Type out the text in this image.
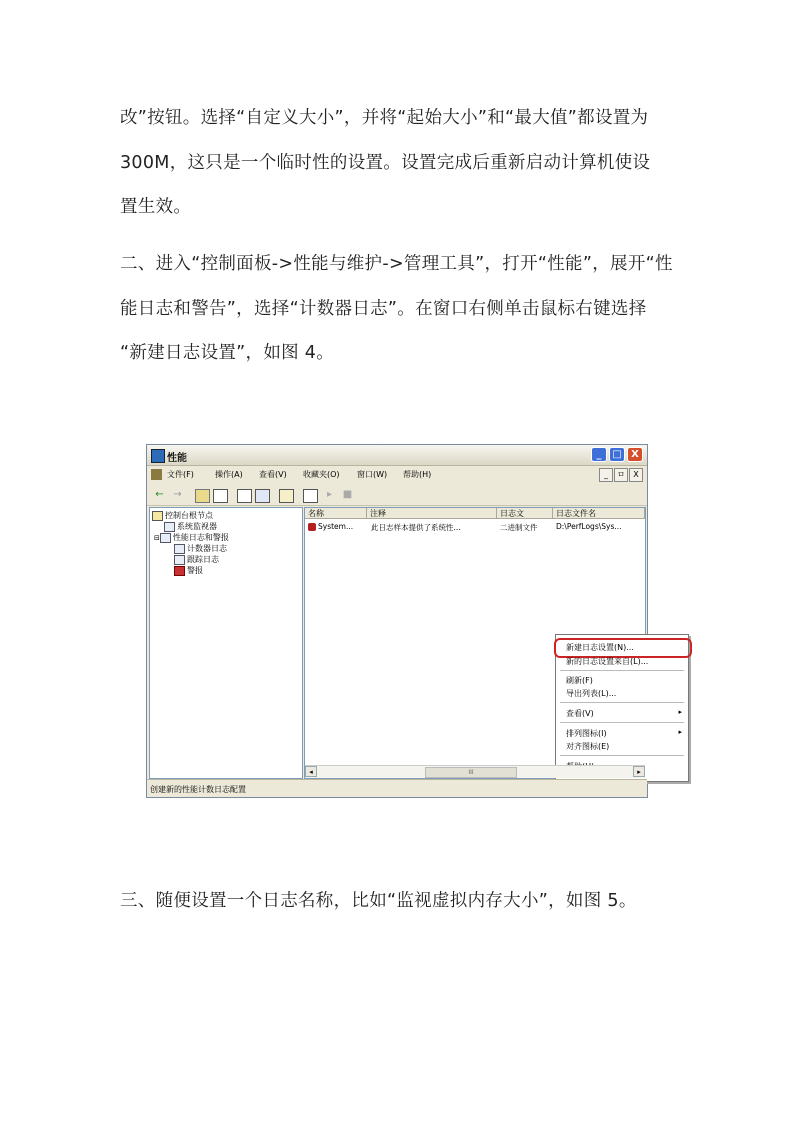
改”按钮。选择“自定义大小”，并将“起始大小”和“最大值”都设置为
300M，这只是一个临时性的设置。设置完成后重新启动计算机使设
置生效。
二、进入“控制面板->性能与维护->管理工具”，打开“性能”，展开“性
能日志和警告”，选择“计数器日志”。在窗口右侧单击鼠标右键选择
“新建日志设置”，如图 4。
性能	_	□ X
文件(F)	操作(A) 查看(V) 收藏夹(O) 窗口(W) 帮助(H)	_	ㅁ	X
← →	▸	■
控制台根节点
系统监视器
⊟ 性能日志和警报
计数器日志
跟踪日志
警报
名称	注释	日志文	日志文件名
System...	此日志样本提供了系统性...	二进制文件	D:\PerfLogs\Sys...
新建日志设置(N)...
新的日志设置来自(L)...
刷新(F)
导出列表(L)...
查看(V)	▸
排列图标(I)	▸
对齐图标(E)
◂	III	▸
创建新的性能计数日志配置
三、随便设置一个日志名称，比如“监视虚拟内存大小”，如图 5。
